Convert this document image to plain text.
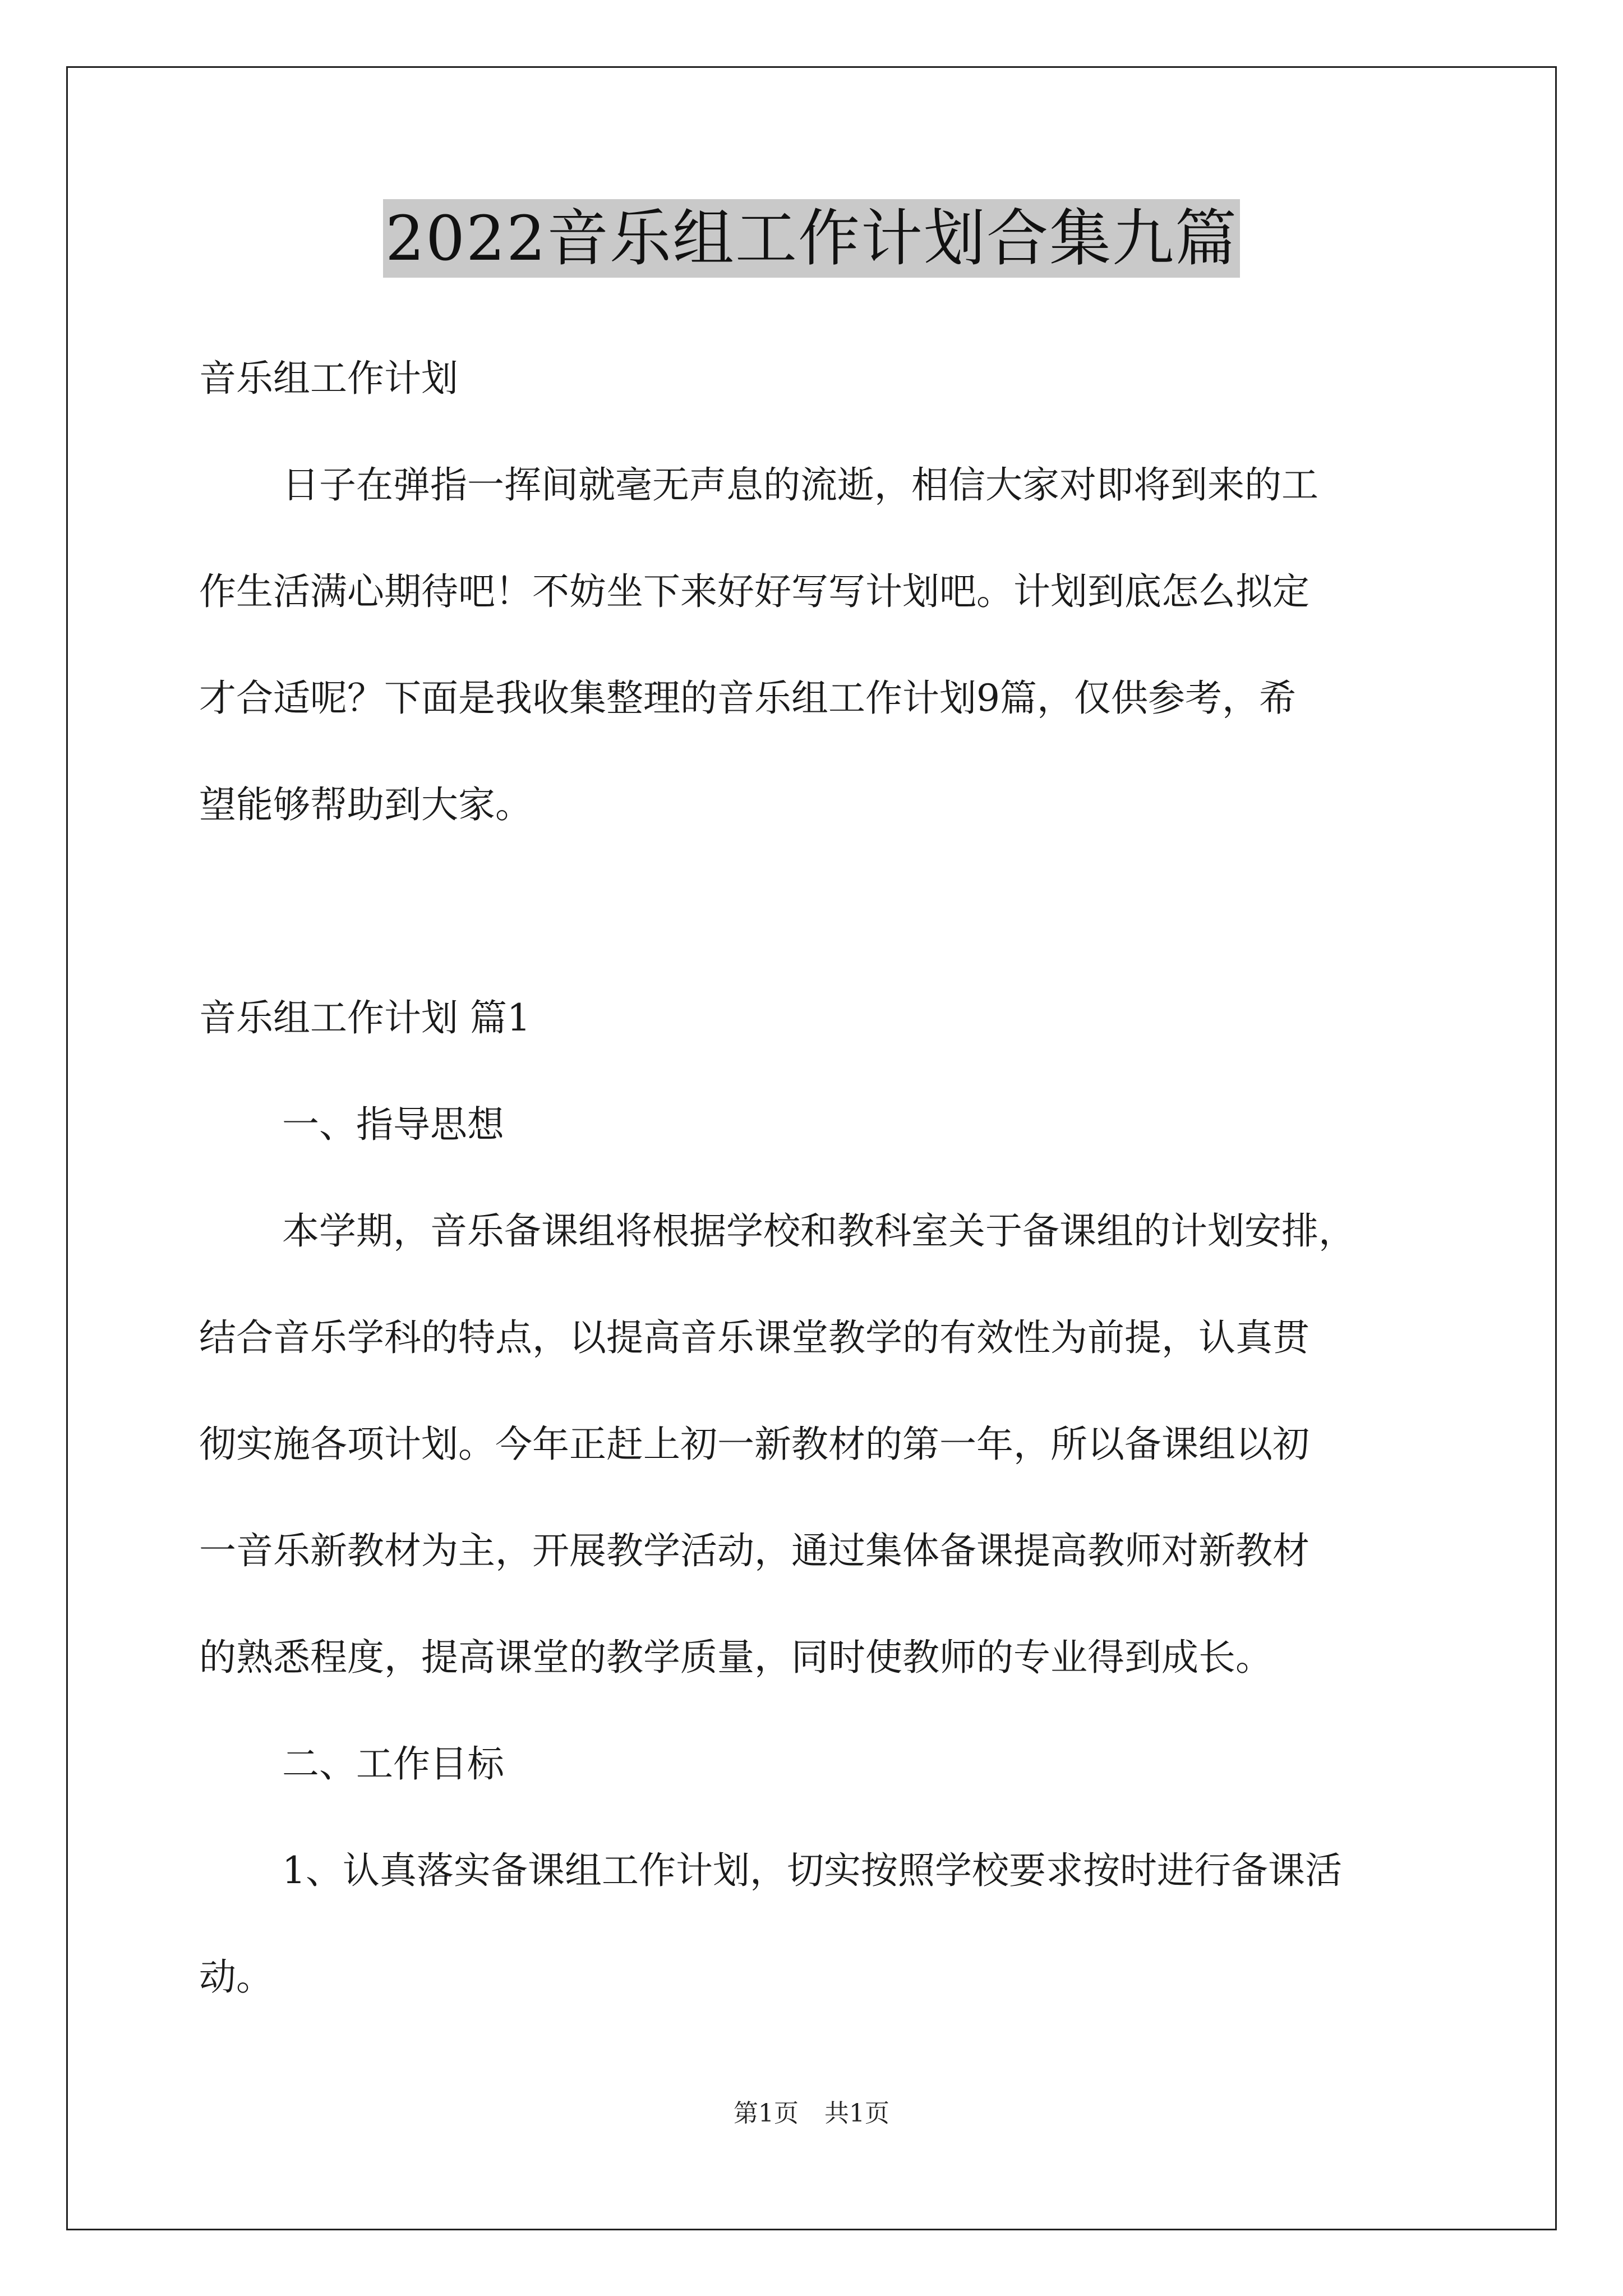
2022音乐组工作计划合集九篇
音乐组工作计划
日子在弹指一挥间就毫无声息的流逝，相信大家对即将到来的工
作生活满心期待吧！不妨坐下来好好写写计划吧。计划到底怎么拟定
才合适呢？下面是我收集整理的音乐组工作计划9篇，仅供参考，希
望能够帮助到大家。
音乐组工作计划 篇1
一、指导思想
本学期，音乐备课组将根据学校和教科室关于备课组的计划安排，
结合音乐学科的特点，以提高音乐课堂教学的有效性为前提，认真贯
彻实施各项计划。今年正赶上初一新教材的第一年，所以备课组以初
一音乐新教材为主，开展教学活动，通过集体备课提高教师对新教材
的熟悉程度，提高课堂的教学质量，同时使教师的专业得到成长。
二、工作目标
1、认真落实备课组工作计划，切实按照学校要求按时进行备课活
动。
第1页 共1页
